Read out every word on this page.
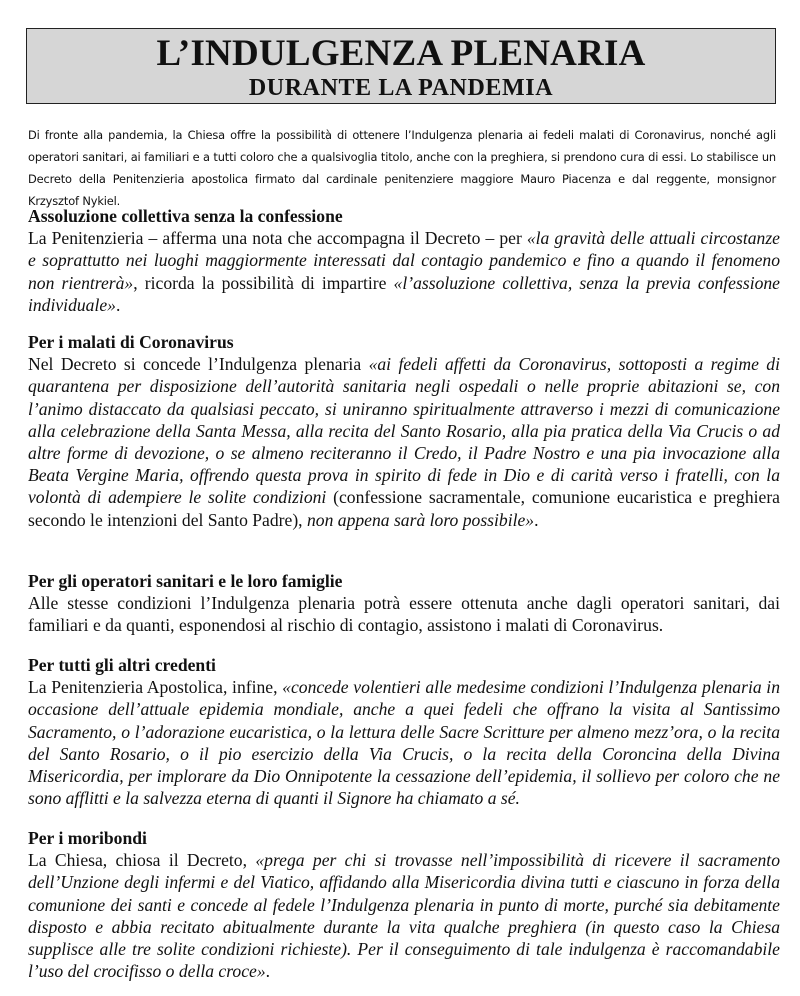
L’INDULGENZA PLENARIA
DURANTE LA PANDEMIA
Di fronte alla pandemia, la Chiesa offre la possibilità di ottenere l’Indulgenza plenaria ai fedeli malati di Coronavirus, nonché agli operatori sanitari, ai familiari e a tutti coloro che a qualsivoglia titolo, anche con la preghiera, si prendono cura di essi. Lo stabilisce un Decreto della Penitenzieria apostolica firmato dal cardinale penitenziere maggiore Mauro Piacenza e dal reggente, monsignor Krzysztof Nykiel.
Assoluzione collettiva senza la confessione

La Penitenzieria – afferma una nota che accompagna il Decreto – per «la gravità delle attuali circostanze e soprattutto nei luoghi maggiormente interessati dal contagio pandemico e fino a quando il fenomeno non rientrerà», ricorda la possibilità di impartire «l’assoluzione collettiva, senza la previa confessione individuale».

Per i malati di Coronavirus

Nel Decreto si concede l’Indulgenza plenaria «ai fedeli affetti da Coronavirus, sottoposti a regime di quarantena per disposizione dell’autorità sanitaria negli ospedali o nelle proprie abitazioni se, con l’animo distaccato da qualsiasi peccato, si uniranno spiritualmente attraverso i mezzi di comunicazione alla celebrazione della Santa Messa, alla recita del Santo Rosario, alla pia pratica della Via Crucis o ad altre forme di devozione, o se almeno reciteranno il Credo, il Padre Nostro e una pia invocazione alla Beata Vergine Maria, offrendo questa prova in spirito di fede in Dio e di carità verso i fratelli, con la volontà di adempiere le solite condizioni (confessione sacramentale, comunione eucaristica e preghiera secondo le intenzioni del Santo Padre), non appena sarà loro possibile».

Per gli operatori sanitari e le loro famiglie

Alle stesse condizioni l’Indulgenza plenaria potrà essere ottenuta anche dagli operatori sanitari, dai familiari e da quanti, esponendosi al rischio di contagio, assistono i malati di Coronavirus.

Per tutti gli altri credenti

La Penitenzieria Apostolica, infine, «concede volentieri alle medesime condizioni l’Indulgenza plenaria in occasione dell’attuale epidemia mondiale, anche a quei fedeli che offrano la visita al Santissimo Sacramento, o l’adorazione eucaristica, o la lettura delle Sacre Scritture per almeno mezz’ora, o la recita del Santo Rosario, o il pio esercizio della Via Crucis, o la recita della Coroncina della Divina Misericordia, per implorare da Dio Onnipotente la cessazione dell’epidemia, il sollievo per coloro che ne sono afflitti e la salvezza eterna di quanti il Signore ha chiamato a sé.

Per i moribondi

La Chiesa, chiosa il Decreto, «prega per chi si trovasse nell’impossibilità di ricevere il sacramento dell’Unzione degli infermi e del Viatico, affidando alla Misericordia divina tutti e ciascuno in forza della comunione dei santi e concede al fedele l’Indulgenza plenaria in punto di morte, purché sia debitamente disposto e abbia recitato abitualmente durante la vita qualche preghiera (in questo caso la Chiesa supplisce alle tre solite condizioni richieste). Per il conseguimento di tale indulgenza è raccomandabile l’uso del crocifisso o della croce».
